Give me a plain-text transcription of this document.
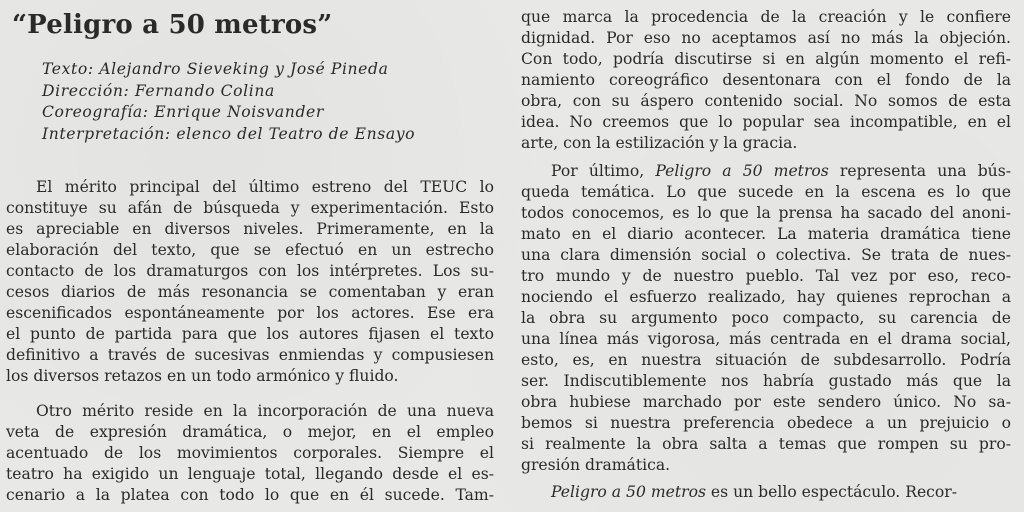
“Peligro a 50 metros”
Texto: Alejandro Sieveking y José Pineda
Dirección: Fernando Colina
Coreografía: Enrique Noisvander
Interpretación: elenco del Teatro de Ensayo
El mérito principal del último estreno del TEUC lo
constituye su afán de búsqueda y experimentación. Esto
es apreciable en diversos niveles. Primeramente, en la
elaboración del texto, que se efectuó en un estrecho
contacto de los dramaturgos con los intérpretes. Los su-
cesos diarios de más resonancia se comentaban y eran
escenificados espontáneamente por los actores. Ese era
el punto de partida para que los autores fijasen el texto
definitivo a través de sucesivas enmiendas y compusiesen
los diversos retazos en un todo armónico y fluido.
Otro mérito reside en la incorporación de una nueva
veta de expresión dramática, o mejor, en el empleo
acentuado de los movimientos corporales. Siempre el
teatro ha exigido un lenguaje total, llegando desde el es-
cenario a la platea con todo lo que en él sucede. Tam-
que marca la procedencia de la creación y le confiere
dignidad. Por eso no aceptamos así no más la objeción.
Con todo, podría discutirse si en algún momento el refi-
namiento coreográfico desentonara con el fondo de la
obra, con su áspero contenido social. No somos de esta
idea. No creemos que lo popular sea incompatible, en el
arte, con la estilización y la gracia.
Por último, Peligro a 50 metros representa una bús-
queda temática. Lo que sucede en la escena es lo que
todos conocemos, es lo que la prensa ha sacado del anoni-
mato en el diario acontecer. La materia dramática tiene
una clara dimensión social o colectiva. Se trata de nues-
tro mundo y de nuestro pueblo. Tal vez por eso, reco-
nociendo el esfuerzo realizado, hay quienes reprochan a
la obra su argumento poco compacto, su carencia de
una línea más vigorosa, más centrada en el drama social,
esto, es, en nuestra situación de subdesarrollo. Podría
ser. Indiscutiblemente nos habría gustado más que la
obra hubiese marchado por este sendero único. No sa-
bemos si nuestra preferencia obedece a un prejuicio o
si realmente la obra salta a temas que rompen su pro-
gresión dramática.
Peligro a 50 metros es un bello espectáculo. Recor-
